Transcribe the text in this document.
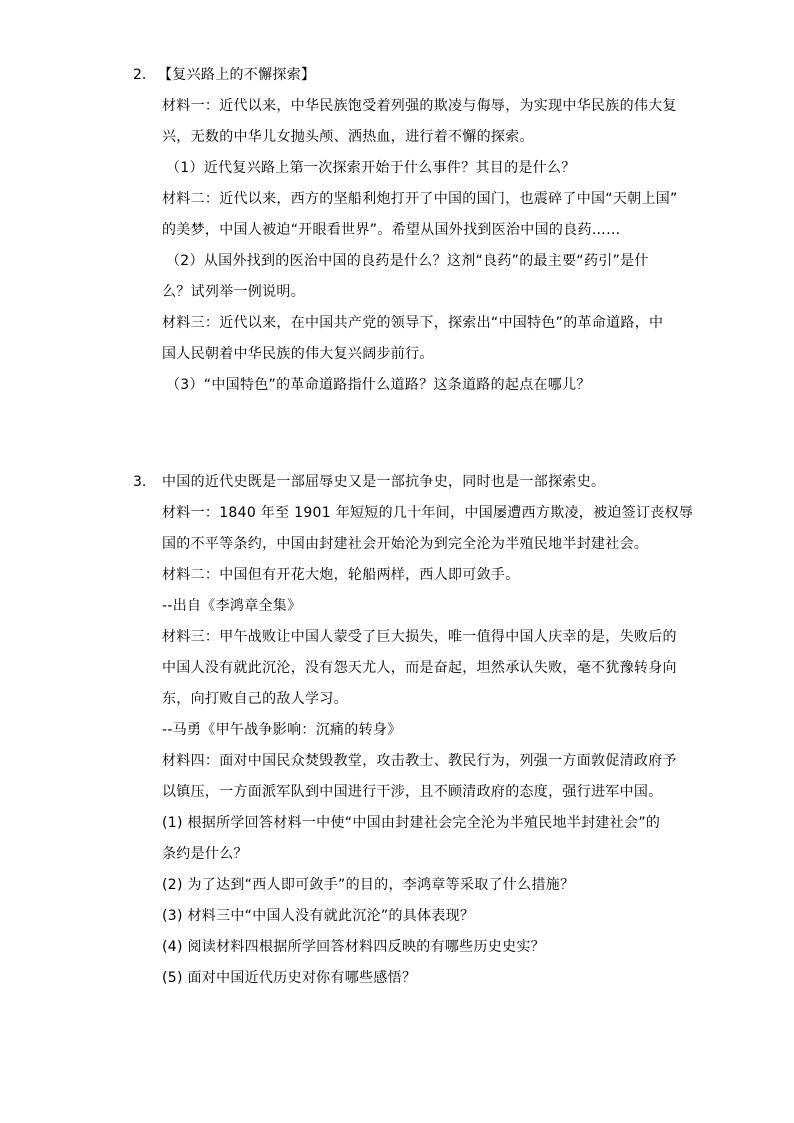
2. 【复兴路上的不懈探索】
材料一：近代以来，中华民族饱受着列强的欺凌与侮辱，为实现中华民族的伟大复
兴，无数的中华儿女抛头颅、洒热血，进行着不懈的探索。
（1）近代复兴路上第一次探索开始于什么事件？其目的是什么？
材料二：近代以来，西方的坚船利炮打开了中国的国门，也震碎了中国“天朝上国”
的美梦，中国人被迫“开眼看世界”。希望从国外找到医治中国的良药……
（2）从国外找到的医治中国的良药是什么？这剂“良药”的最主要“药引”是什
么？试列举一例说明。
材料三：近代以来，在中国共产党的领导下，探索出“中国特色”的革命道路，中
国人民朝着中华民族的伟大复兴阔步前行。
（3）“中国特色”的革命道路指什么道路？这条道路的起点在哪儿？
3. 中国的近代史既是一部屈辱史又是一部抗争史，同时也是一部探索史。
材料一：1840 年至 1901 年短短的几十年间，中国屡遭西方欺凌，被迫签订丧权辱
国的不平等条约，中国由封建社会开始沦为到完全沦为半殖民地半封建社会。
材料二：中国但有开花大炮，轮船两样，西人即可敛手。
--出自《李鸿章全集》
材料三：甲午战败让中国人蒙受了巨大损失，唯一值得中国人庆幸的是，失败后的
中国人没有就此沉沦，没有怨天尤人，而是奋起，坦然承认失败，毫不犹豫转身向
东，向打败自己的敌人学习。
--马勇《甲午战争影响：沉痛的转身》
材料四：面对中国民众焚毁教堂，攻击教士、教民行为，列强一方面敦促清政府予
以镇压，一方面派军队到中国进行干涉，且不顾清政府的态度，强行进军中国。
(1) 根据所学回答材料一中使“中国由封建社会完全沦为半殖民地半封建社会”的
条约是什么？
(2) 为了达到“西人即可敛手”的目的，李鸿章等采取了什么措施？
(3) 材料三中“中国人没有就此沉沦”的具体表现？
(4) 阅读材料四根据所学回答材料四反映的有哪些历史史实？
(5) 面对中国近代历史对你有哪些感悟？
